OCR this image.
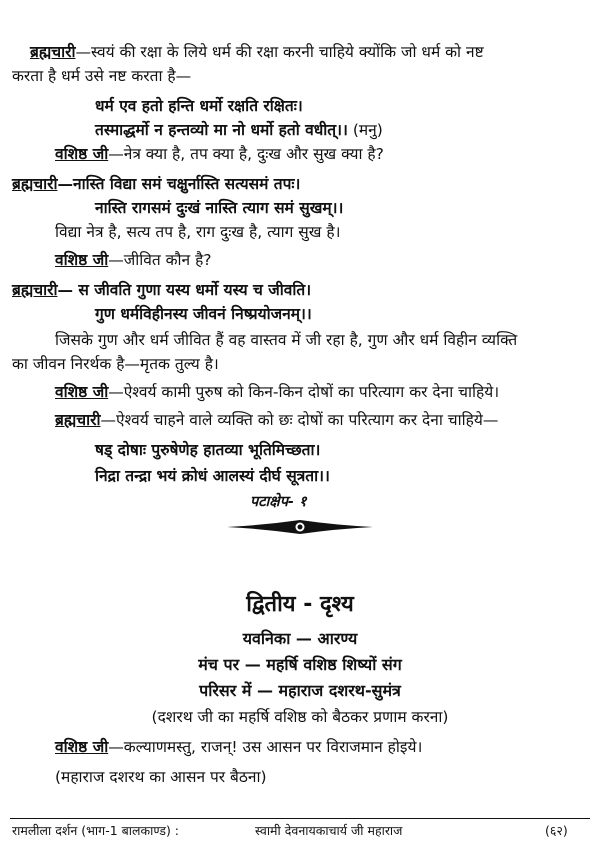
ब्रह्मचारी—स्वयं की रक्षा के लिये धर्म की रक्षा करनी चाहिये क्योंकि जो धर्म को नष्ट
करता है धर्म उसे नष्ट करता है—
धर्म एव हतो हन्ति धर्मो रक्षति रक्षितः।
तस्माद्धर्मो न हन्तव्यो मा नो धर्मो हतो वधीत्।। (मनु)
वशिष्ठ जी—नेत्र क्या है, तप क्या है, दुःख और सुख क्या है?
ब्रह्मचारी—नास्ति विद्या समं चक्षुर्नास्ति सत्यसमं तपः।
नास्ति रागसमं दुःखं नास्ति त्याग समं सुखम्।।
विद्या नेत्र है, सत्य तप है, राग दुःख है, त्याग सुख है।
वशिष्ठ जी—जीवित कौन है?
ब्रह्मचारी— स जीवति गुणा यस्य धर्मो यस्य च जीवति।
गुण धर्मविहीनस्य जीवनं निष्प्रयोजनम्।।
जिसके गुण और धर्म जीवित हैं वह वास्तव में जी रहा है, गुण और धर्म विहीन व्यक्ति
का जीवन निरर्थक है—मृतक तुल्य है।
वशिष्ठ जी—ऐश्वर्य कामी पुरुष को किन-किन दोषों का परित्याग कर देना चाहिये।
ब्रह्मचारी—ऐश्वर्य चाहने वाले व्यक्ति को छः दोषों का परित्याग कर देना चाहिये—
षड् दोषाः पुरुषेणेह हातव्या भूतिमिच्छता।
निद्रा तन्द्रा भयं क्रोधं आलस्यं दीर्घ सूत्रता।।
पटाक्षेप- १
द्वितीय - दृश्य
यवनिका — आरण्य
मंच पर — महर्षि वशिष्ठ शिष्यों संग
परिसर में — महाराज दशरथ-सुमंत्र
(दशरथ जी का महर्षि वशिष्ठ को बैठकर प्रणाम करना)
वशिष्ठ जी—कल्याणमस्तु, राजन्! उस आसन पर विराजमान होइये।
(महाराज दशरथ का आसन पर बैठना)
रामलीला दर्शन (भाग-1 बालकाण्ड) :	स्वामी देवनायकाचार्य जी महाराज	(६२)
